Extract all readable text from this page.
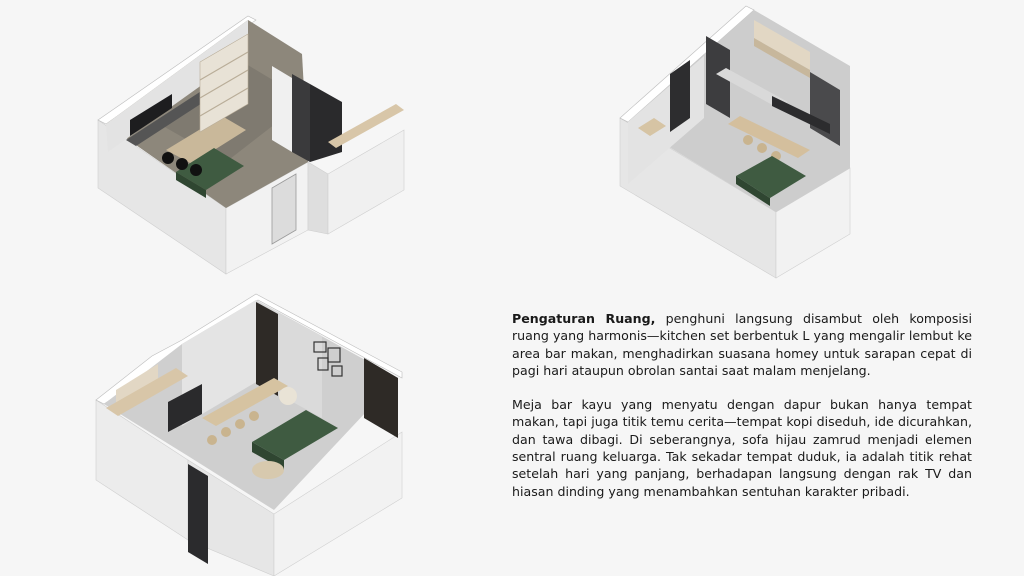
Pengaturan Ruang, penghuni langsung disambut oleh komposisi ruang yang harmonis—kitchen set berbentuk L yang mengalir lembut ke area bar makan, menghadirkan suasana homey untuk sarapan cepat di pagi hari ataupun obrolan santai saat malam menjelang.

Meja bar kayu yang menyatu dengan dapur bukan hanya tempat makan, tapi juga titik temu cerita—tempat kopi diseduh, ide dicurahkan, dan tawa dibagi. Di seberangnya, sofa hijau zamrud menjadi elemen sentral ruang keluarga. Tak sekadar tempat duduk, ia adalah titik rehat setelah hari yang panjang, berhadapan langsung dengan rak TV dan hiasan dinding yang menambahkan sentuhan karakter pribadi.
